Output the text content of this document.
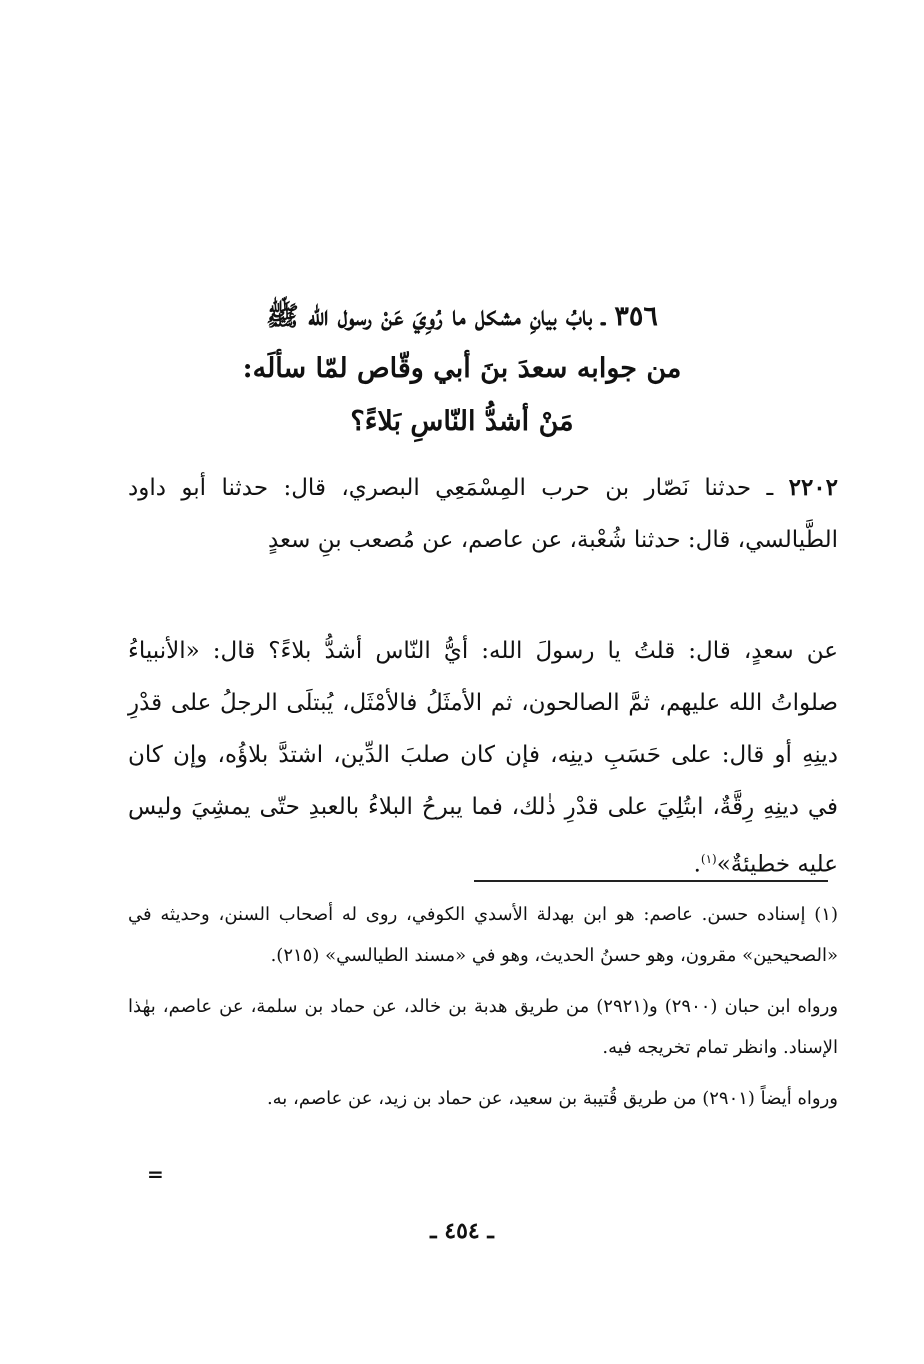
٣٥٦ ـ بابُ بيانِ مشكل ما رُوِيَ عَنْ رسول الله ﷺ
من جوابه سعدَ بنَ أبي وقّاص لمّا سألَه:
مَنْ أشدُّ النّاسِ بَلاءً؟
٢٢٠٢ ـ حدثنا نَصّار بن حرب المِسْمَعِي البصري، قال: حدثنا أبو داود الطَّيالسي، قال: حدثنا شُعْبة، عن عاصم، عن مُصعب بنِ سعدٍ
عن سعدٍ، قال: قلتُ يا رسولَ الله: أيُّ النّاس أشدُّ بلاءً؟ قال: «الأنبياءُ صلواتُ الله عليهم، ثمَّ الصالحون، ثم الأمثَلُ فالأمْثَل، يُبتلَى الرجلُ على قدْرِ دينِهِ أو قال: على حَسَبِ دينِه، فإن كان صلبَ الدِّين، اشتدَّ بلاؤُه، وإن كان في دينِهِ رِقَّةٌ، ابتُلِيَ على قدْرِ ذٰلك، فما يبرحُ البلاءُ بالعبدِ حتّى يمشِيَ وليس عليه خطيئةٌ»$^{(١)}$.

(١) إسناده حسن. عاصم: هو ابن بهدلة الأسدي الكوفي، روى له أصحاب السنن، وحديثه في «الصحيحين» مقرون، وهو حسنُ الحديث، وهو في «مسند الطيالسي» (٢١٥).

ورواه ابن حبان (٢٩٠٠) و(٢٩٢١) من طريق هدبة بن خالد، عن حماد بن سلمة، عن عاصم، بهٰذا الإسناد. وانظر تمام تخريجه فيه.

ورواه أيضاً (٢٩٠١) من طريق قُتيبة بن سعيد، عن حماد بن زيد، عن عاصم، به.

=
ـ ٤٥٤ ـ
